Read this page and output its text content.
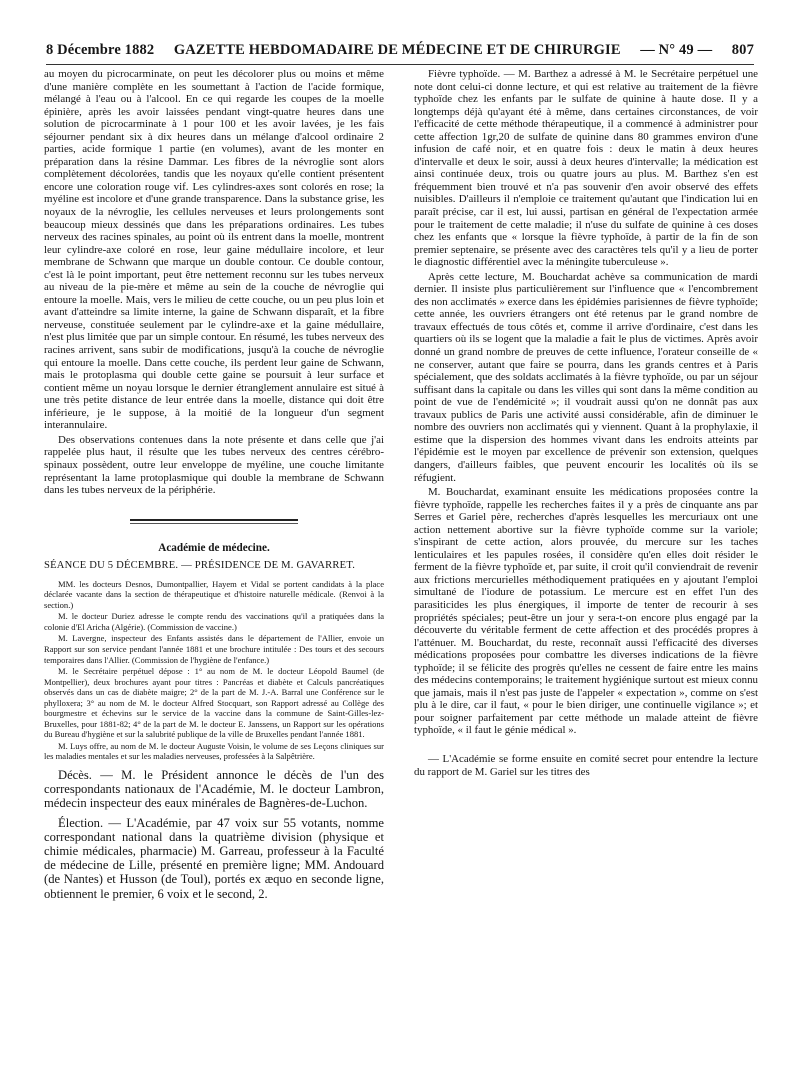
8 Décembre 1882 GAZETTE HEBDOMADAIRE DE MÉDECINE ET DE CHIRURGIE — N° 49 — 807

au moyen du picrocarminate, on peut les décolorer plus ou moins et même d'une manière complète en les soumettant à l'action de l'acide formique, mélangé à l'eau ou à l'alcool. En ce qui regarde les coupes de la moelle épinière, après les avoir laissées pendant vingt-quatre heures dans une solution de picrocarminate à 1 pour 100 et les avoir lavées, je les fais séjourner pendant six à dix heures dans un mélange d'alcool ordinaire 2 parties, acide formique 1 partie (en volumes), avant de les monter en préparation dans la résine Dammar. Les fibres de la névroglie sont alors complètement décolorées, tandis que les noyaux qu'elle contient présentent encore une coloration rouge vif. Les cylindres-axes sont colorés en rose; la myéline est incolore et d'une grande transparence. Dans la substance grise, les noyaux de la névroglie, les cellules nerveuses et leurs prolongements sont beaucoup mieux dessinés que dans les préparations ordinaires. Les tubes nerveux des racines spinales, au point où ils entrent dans la moelle, montrent leur cylindre-axe coloré en rose, leur gaine médullaire incolore, et leur membrane de Schwann que marque un double contour. Ce double contour, c'est là le point important, peut être nettement reconnu sur les tubes nerveux au niveau de la pie-mère et même au sein de la couche de névroglie qui entoure la moelle. Mais, vers le milieu de cette couche, ou un peu plus loin et avant d'atteindre sa limite interne, la gaine de Schwann disparaît, et la fibre nerveuse, constituée seulement par le cylindre-axe et la gaine médullaire, n'est plus limitée que par un simple contour. En résumé, les tubes nerveux des racines arrivent, sans subir de modifications, jusqu'à la couche de névroglie qui entoure la moelle. Dans cette couche, ils perdent leur gaine de Schwann, mais le protoplasma qui double cette gaine se poursuit à leur surface et contient même un noyau lorsque le dernier étranglement annulaire est situé à une très petite distance de leur entrée dans la moelle, distance qui doit être inférieure, je le suppose, à la moitié de la longueur d'un segment interannulaire.

Des observations contenues dans la note présente et dans celle que j'ai rappelée plus haut, il résulte que les tubes nerveux des centres cérébro-spinaux possèdent, outre leur enveloppe de myéline, une couche limitante représentant la lame protoplasmique qui double la membrane de Schwann dans les tubes nerveux de la périphérie.

Académie de médecine.

SÉANCE DU 5 DÉCEMBRE. — PRÉSIDENCE DE M. GAVARRET.

MM. les docteurs Desnos, Dumontpallier, Hayem et Vidal se portent candidats à la place déclarée vacante dans la section de thérapeutique et d'histoire naturelle médicale. (Renvoi à la section.)

M. le docteur Duriez adresse le compte rendu des vaccinations qu'il a pratiquées dans la colonie d'El Aricha (Algérie). (Commission de vaccine.)

M. Lavergne, inspecteur des Enfants assistés dans le département de l'Allier, envoie un Rapport sur son service pendant l'année 1881 et une brochure intitulée : Des tours et des secours temporaires dans l'Allier. (Commission de l'hygiène de l'enfance.)

M. le Secrétaire perpétuel dépose : 1° au nom de M. le docteur Léopold Baumel (de Montpellier), deux brochures ayant pour titres : Pancréas et diabète et Calculs pancréatiques observés dans un cas de diabète maigre; 2° de la part de M. J.-A. Barral une Conférence sur le phylloxera; 3° au nom de M. le docteur Alfred Stocquart, son Rapport adressé au Collège des bourgmestre et échevins sur le service de la vaccine dans la commune de Saint-Gilles-lez-Bruxelles, pour 1881-82; 4° de la part de M. le docteur E. Janssens, un Rapport sur les opérations du Bureau d'hygiène et sur la salubrité publique de la ville de Bruxelles pendant l'année 1881.

M. Luys offre, au nom de M. le docteur Auguste Voisin, le volume de ses Leçons cliniques sur les maladies mentales et sur les maladies nerveuses, professées à la Salpêtrière.

Décès. — M. le Président annonce le décès de l'un des correspondants nationaux de l'Académie, M. le docteur Lambron, médecin inspecteur des eaux minérales de Bagnères-de-Luchon.

Élection. — L'Académie, par 47 voix sur 55 votants, nomme correspondant national dans la quatrième division (physique et chimie médicales, pharmacie) M. Garreau, professeur à la Faculté de médecine de Lille, présenté en première ligne; MM. Andouard (de Nantes) et Husson (de Toul), portés ex æquo en seconde ligne, obtiennent le premier, 6 voix et le second, 2.

Fièvre typhoïde. — M. Barthez a adressé à M. le Secrétaire perpétuel une note dont celui-ci donne lecture, et qui est relative au traitement de la fièvre typhoïde chez les enfants par le sulfate de quinine à haute dose. Il y a longtemps déjà qu'ayant été à même, dans certaines circonstances, de voir l'efficacité de cette méthode thérapeutique, il a commencé à administrer pour cette affection 1gr,20 de sulfate de quinine dans 80 grammes environ d'une infusion de café noir, et en quatre fois : deux le matin à deux heures d'intervalle et deux le soir, aussi à deux heures d'intervalle; la médication est ainsi continuée deux, trois ou quatre jours au plus. M. Barthez s'en est fréquemment bien trouvé et n'a pas souvenir d'en avoir observé des effets nuisibles. D'ailleurs il n'emploie ce traitement qu'autant que l'indication lui en paraît précise, car il est, lui aussi, partisan en général de l'expectation armée pour le traitement de cette maladie; il n'use du sulfate de quinine à ces doses chez les enfants que « lorsque la fièvre typhoïde, à partir de la fin de son premier septenaire, se présente avec des caractères tels qu'il y a lieu de porter le diagnostic différentiel avec la méningite tuberculeuse ».

Après cette lecture, M. Bouchardat achève sa communication de mardi dernier. Il insiste plus particulièrement sur l'influence que « l'encombrement des non acclimatés » exerce dans les épidémies parisiennes de fièvre typhoïde; cette année, les ouvriers étrangers ont été retenus par le grand nombre de travaux effectués de tous côtés et, comme il arrive d'ordinaire, c'est dans les quartiers où ils se logent que la maladie a fait le plus de victimes. Après avoir donné un grand nombre de preuves de cette influence, l'orateur conseille de « ne conserver, autant que faire se pourra, dans les grands centres et à Paris spécialement, que des soldats acclimatés à la fièvre typhoïde, ou par un séjour suffisant dans la capitale ou dans les villes qui sont dans la même condition au point de vue de l'endémicité »; il voudrait aussi qu'on ne donnât pas aux travaux publics de Paris une activité aussi considérable, afin de diminuer le nombre des ouvriers non acclimatés qui y viennent. Quant à la prophylaxie, il estime que la dispersion des hommes vivant dans les endroits atteints par l'épidémie est le moyen par excellence de prévenir son extension, quelques dangers, d'ailleurs faibles, que peuvent encourir les localités où ils se réfugient.

M. Bouchardat, examinant ensuite les médications proposées contre la fièvre typhoïde, rappelle les recherches faites il y a près de cinquante ans par Serres et Gariel père, recherches d'après lesquelles les mercuriaux ont une action nettement abortive sur la fièvre typhoïde comme sur la variole; s'inspirant de cette action, alors prouvée, du mercure sur les taches lenticulaires et les papules rosées, il considère qu'en elles doit résider le ferment de la fièvre typhoïde et, par suite, il croit qu'il conviendrait de revenir aux frictions mercurielles méthodiquement pratiquées en y ajoutant l'emploi simultané de l'iodure de potassium. Le mercure est en effet l'un des parasiticides les plus énergiques, il importe de tenter de recourir à ses propriétés spéciales; peut-être un jour y sera-t-on encore plus engagé par la découverte du véritable ferment de cette affection et des procédés propres à l'atténuer. M. Bouchardat, du reste, reconnaît aussi l'efficacité des diverses médications proposées pour combattre les diverses indications de la fièvre typhoïde; il se félicite des progrès qu'elles ne cessent de faire entre les mains des médecins contemporains; le traitement hygiénique surtout est mieux connu que jamais, mais il n'est pas juste de l'appeler « expectation », comme on s'est plu à le dire, car il faut, « pour le bien diriger, une continuelle vigilance »; et pour soigner parfaitement par cette méthode un malade atteint de fièvre typhoïde, « il faut le génie médical ».

— L'Académie se forme ensuite en comité secret pour entendre la lecture du rapport de M. Gariel sur les titres des
